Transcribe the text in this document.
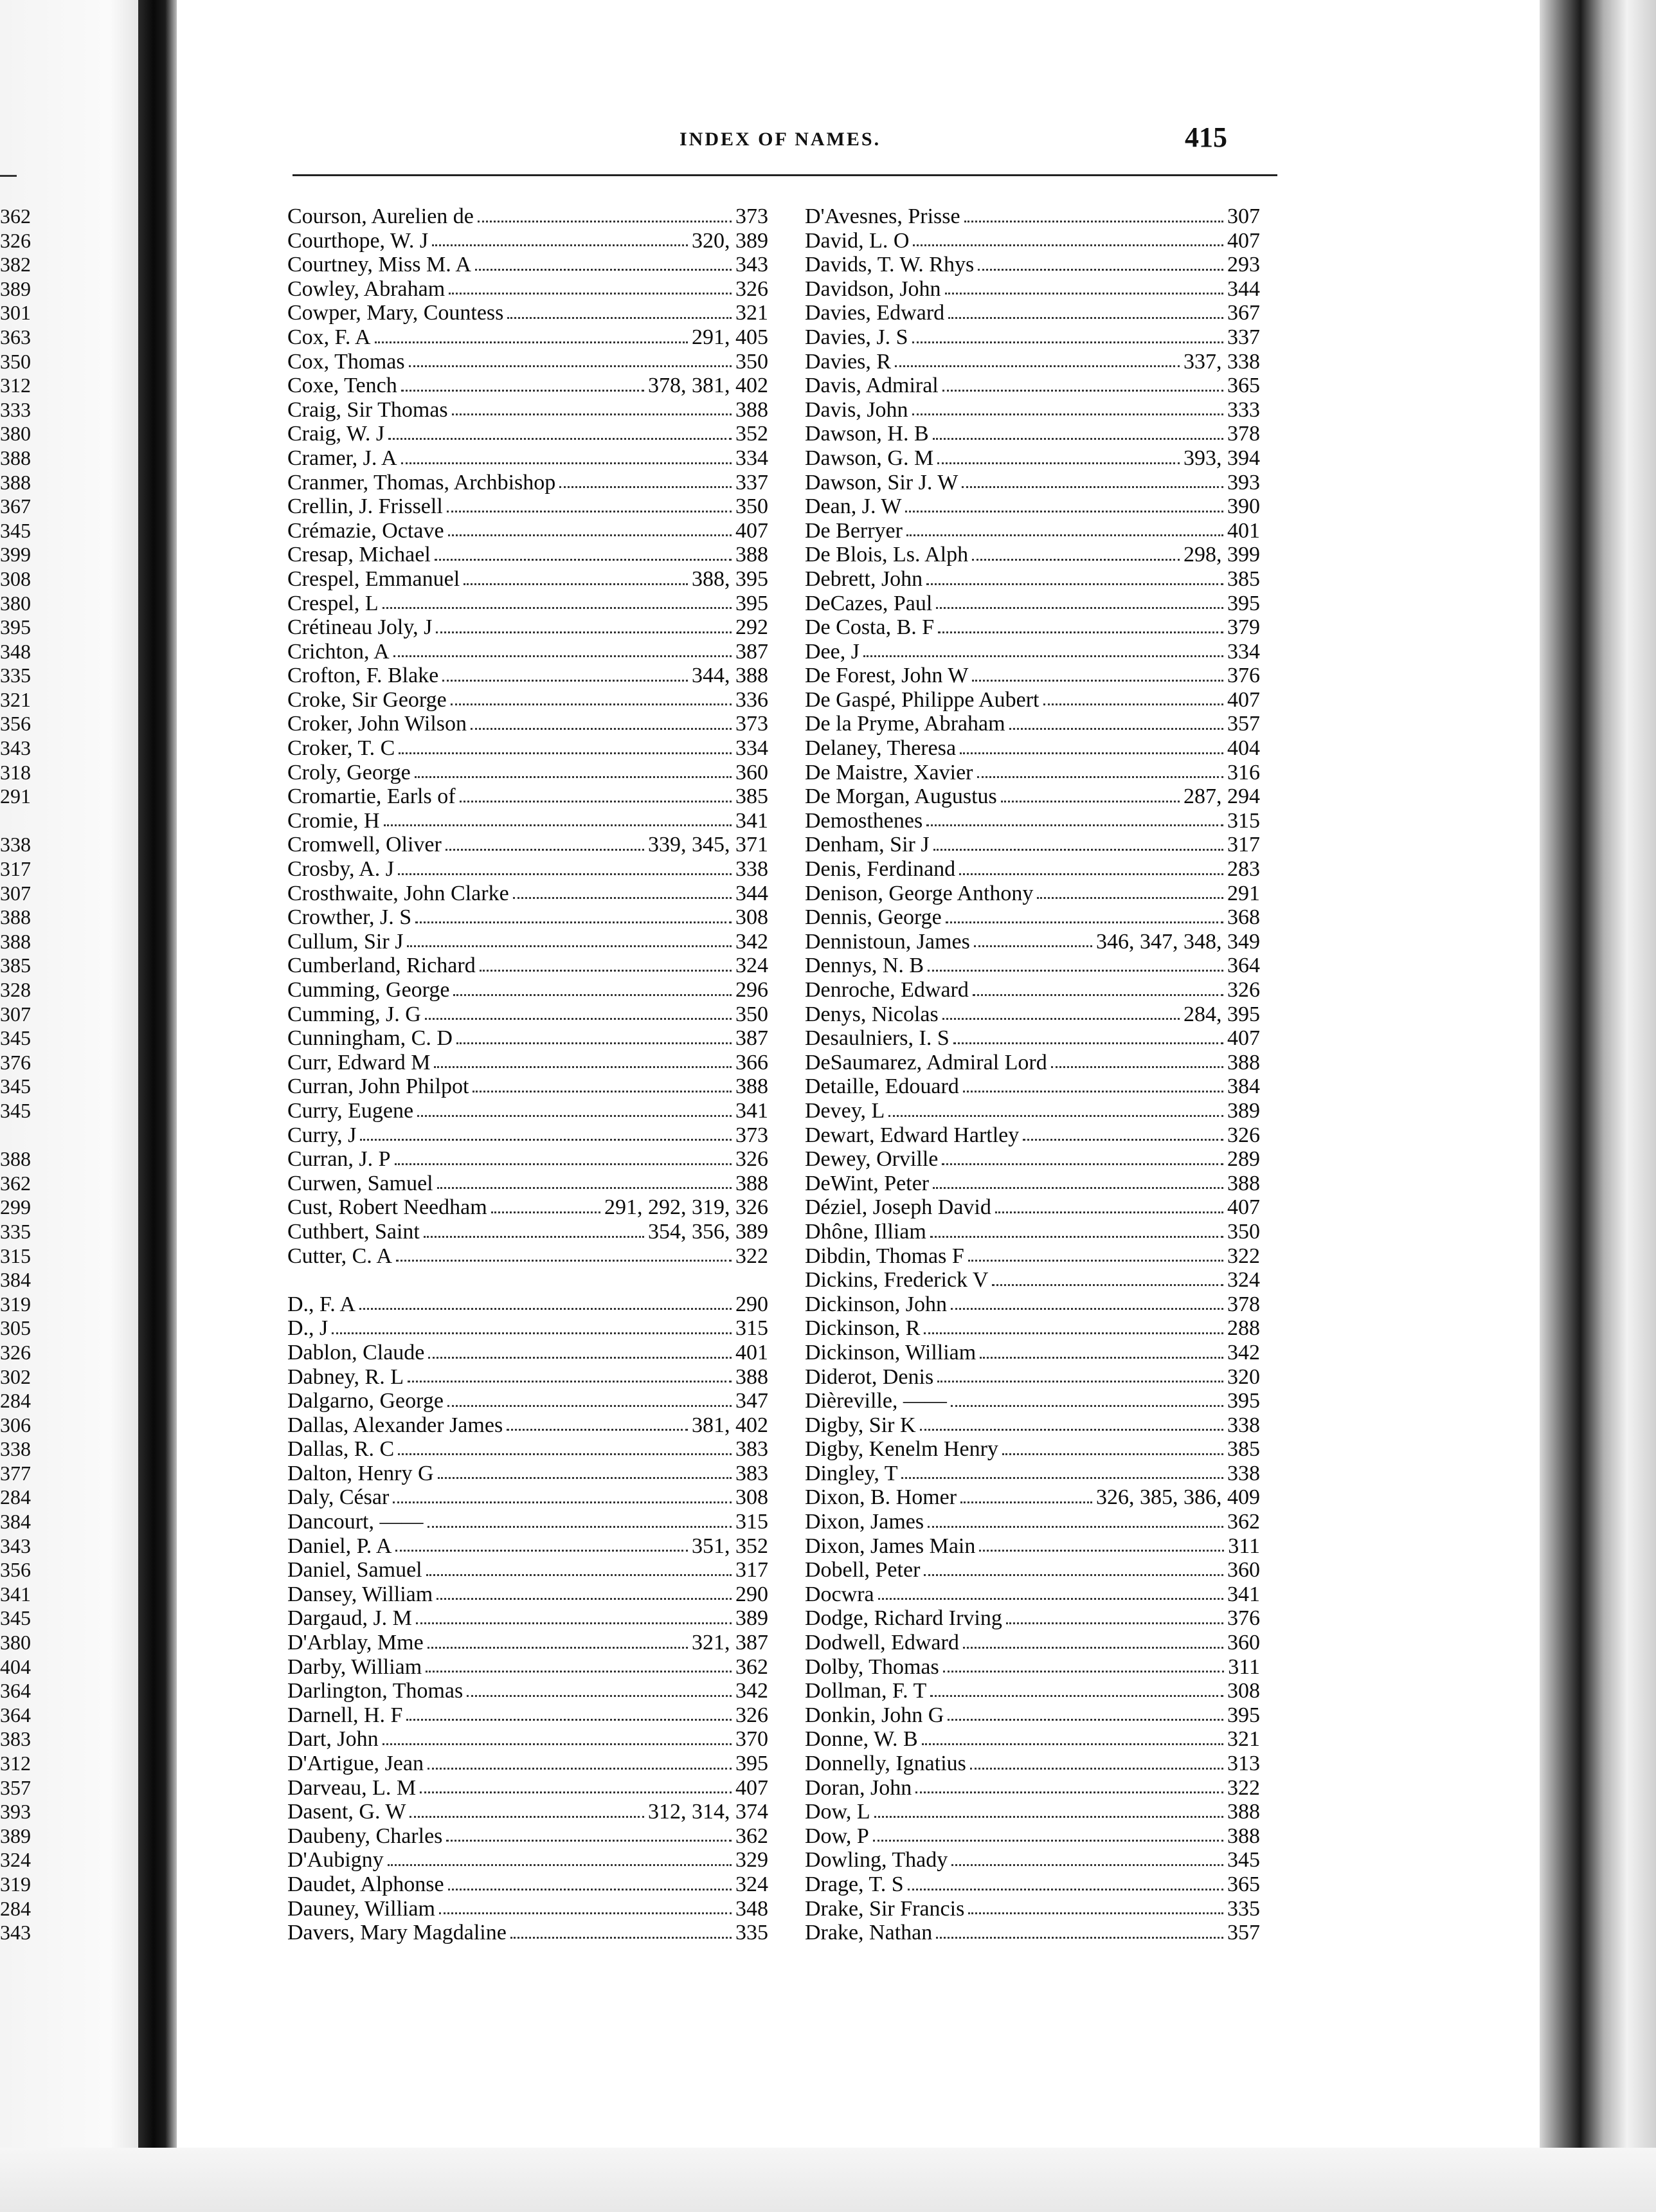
362
326
382
389
301
363
350
312
333
380
388
388
367
345
399
308
380
395
348
335
321
356
343
318
291
338
317
307
388
388
385
328
307
345
376
345
345
388
362
299
335
315
384
319
305
326
302
284
306
338
377
284
384
343
356
341
345
380
404
364
364
383
312
357
393
389
324
319
284
343
INDEX OF NAMES.	415
Courson, Aurelien de	373
Courthope, W. J	320, 389
Courtney, Miss M. A	343
Cowley, Abraham	326
Cowper, Mary, Countess	321
Cox, F. A	291, 405
Cox, Thomas	350
Coxe, Tench	378, 381, 402
Craig, Sir Thomas	388
Craig, W. J	352
Cramer, J. A	334
Cranmer, Thomas, Archbishop	337
Crellin, J. Frissell	350
Crémazie, Octave	407
Cresap, Michael	388
Crespel, Emmanuel	388, 395
Crespel, L	395
Crétineau Joly, J	292
Crichton, A	387
Crofton, F. Blake	344, 388
Croke, Sir George	336
Croker, John Wilson	373
Croker, T. C	334
Croly, George	360
Cromartie, Earls of	385
Cromie, H	341
Cromwell, Oliver	339, 345, 371
Crosby, A. J	338
Crosthwaite, John Clarke	344
Crowther, J. S	308
Cullum, Sir J	342
Cumberland, Richard	324
Cumming, George	296
Cumming, J. G	350
Cunningham, C. D	387
Curr, Edward M	366
Curran, John Philpot	388
Curry, Eugene	341
Curry, J	373
Curran, J. P	326
Curwen, Samuel	388
Cust, Robert Needham	291, 292, 319, 326
Cuthbert, Saint	354, 356, 389
Cutter, C. A	322
D., F. A	290
D., J	315
Dablon, Claude	401
Dabney, R. L	388
Dalgarno, George	347
Dallas, Alexander James	381, 402
Dallas, R. C	383
Dalton, Henry G	383
Daly, César	308
Dancourt, ——	315
Daniel, P. A	351, 352
Daniel, Samuel	317
Dansey, William	290
Dargaud, J. M	389
D'Arblay, Mme	321, 387
Darby, William	362
Darlington, Thomas	342
Darnell, H. F	326
Dart, John	370
D'Artigue, Jean	395
Darveau, L. M	407
Dasent, G. W	312, 314, 374
Daubeny, Charles	362
D'Aubigny	329
Daudet, Alphonse	324
Dauney, William	348
Davers, Mary Magdaline	335
D'Avesnes, Prisse	307
David, L. O	407
Davids, T. W. Rhys	293
Davidson, John	344
Davies, Edward	367
Davies, J. S	337
Davies, R	337, 338
Davis, Admiral	365
Davis, John	333
Dawson, H. B	378
Dawson, G. M	393, 394
Dawson, Sir J. W	393
Dean, J. W	390
De Berryer	401
De Blois, Ls. Alph	298, 399
Debrett, John	385
DeCazes, Paul	395
De Costa, B. F	379
Dee, J	334
De Forest, John W	376
De Gaspé, Philippe Aubert	407
De la Pryme, Abraham	357
Delaney, Theresa	404
De Maistre, Xavier	316
De Morgan, Augustus	287, 294
Demosthenes	315
Denham, Sir J	317
Denis, Ferdinand	283
Denison, George Anthony	291
Dennis, George	368
Dennistoun, James	346, 347, 348, 349
Dennys, N. B	364
Denroche, Edward	326
Denys, Nicolas	284, 395
Desaulniers, I. S	407
DeSaumarez, Admiral Lord	388
Detaille, Edouard	384
Devey, L	389
Dewart, Edward Hartley	326
Dewey, Orville	289
DeWint, Peter	388
Déziel, Joseph David	407
Dhône, Illiam	350
Dibdin, Thomas F	322
Dickins, Frederick V	324
Dickinson, John	378
Dickinson, R	288
Dickinson, William	342
Diderot, Denis	320
Dièreville, ——	395
Digby, Sir K	338
Digby, Kenelm Henry	385
Dingley, T	338
Dixon, B. Homer	326, 385, 386, 409
Dixon, James	362
Dixon, James Main	311
Dobell, Peter	360
Docwra	341
Dodge, Richard Irving	376
Dodwell, Edward	360
Dolby, Thomas	311
Dollman, F. T	308
Donkin, John G	395
Donne, W. B	321
Donnelly, Ignatius	313
Doran, John	322
Dow, L	388
Dow, P	388
Dowling, Thady	345
Drage, T. S	365
Drake, Sir Francis	335
Drake, Nathan	357
